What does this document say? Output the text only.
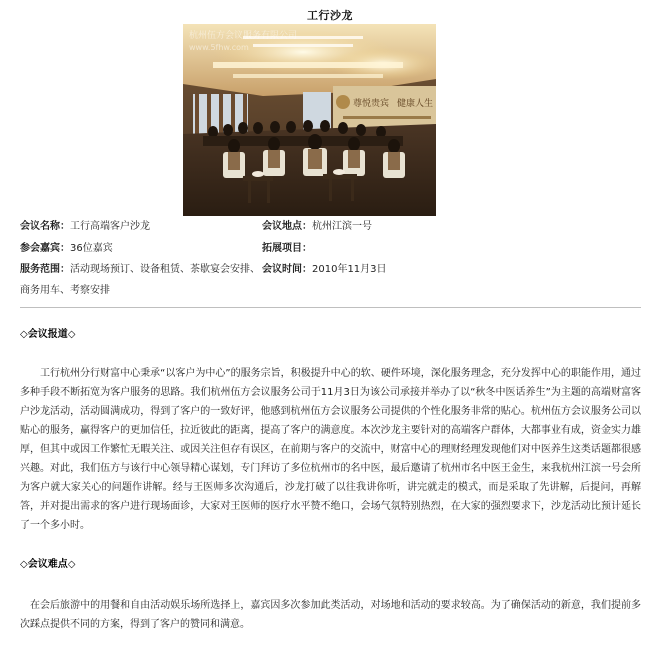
工行沙龙
尊悦贵宾 健康人生
杭州伍方会议服务有限公司
www.5fhw.com
会议名称：工行高端客户沙龙	会议地点：杭州江滨一号
参会嘉宾：36位嘉宾	拓展项目：
服务范围：活动现场预订、设备租赁、茶歇宴会安排、 会议时间：2010年11月3日
商务用车、考察安排
◇会议报道◇
工行杭州分行财富中心秉承“以客户为中心”的服务宗旨，积极提升中心的软、硬件环境，深化服务理念，充分发挥中心的职能作用，通过多种手段不断拓宽为客户服务的思路。我们杭州伍方会议服务公司于11月3日为该公司承接并举办了以“秋冬中医话养生”为主题的高端财富客户沙龙活动，活动圆满成功，得到了客户的一致好评，他感到杭州伍方会议服务公司提供的个性化服务非常的贴心。杭州伍方会议服务公司以贴心的服务，赢得客户的更加信任，拉近彼此的距离，提高了客户的满意度。本次沙龙主要针对的高端客户群体，大都事业有成，资金实力雄厚，但其中或因工作繁忙无暇关注、或因关注但存有误区，在前期与客户的交流中，财富中心的理财经理发现他们对中医养生这类话题都很感兴趣。对此，我们伍方与该行中心领导精心谋划，专门拜访了多位杭州市的名中医，最后邀请了杭州市名中医王金生，来我杭州江滨一号会所为客户就大家关心的问题作讲解。经与王医师多次沟通后，沙龙打破了以往我讲你听，讲完就走的模式，而是采取了先讲解，后提问，再解答，并对提出需求的客户进行现场面诊，大家对王医师的医疗水平赞不绝口，会场气氛特别热烈，在大家的强烈要求下，沙龙活动比预计延长了一个多小时。
◇会议难点◇
在会后旅游中的用餐和自由活动娱乐场所选择上，嘉宾因多次参加此类活动，对场地和活动的要求较高。为了确保活动的新意，我们提前多次踩点提供不同的方案，得到了客户的赞同和满意。
